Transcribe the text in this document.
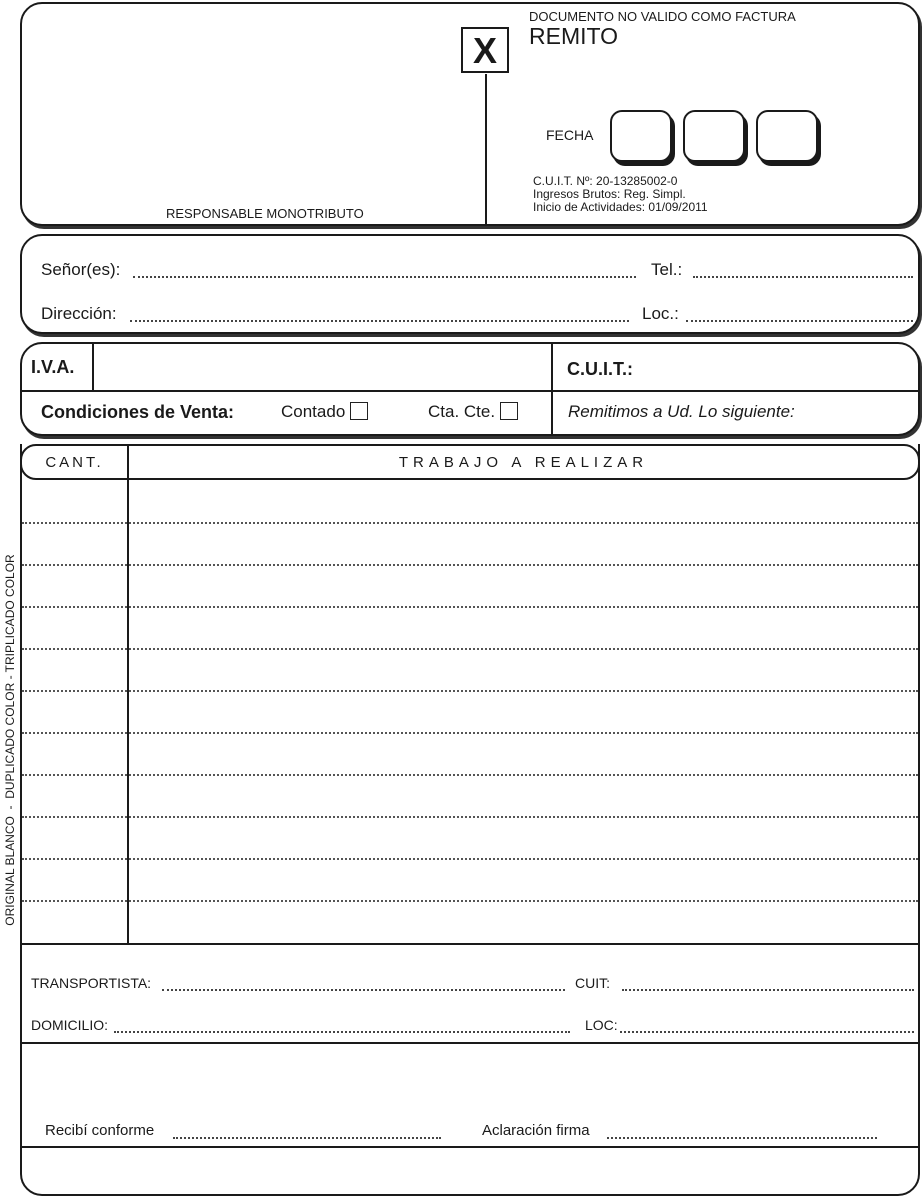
X
DOCUMENTO NO VALIDO COMO FACTURA
REMITO
FECHA
C.U.I.T. Nº: 20-13285002-0
Ingresos Brutos: Reg. Simpl.
Inicio de Actividades: 01/09/2011
RESPONSABLE MONOTRIBUTO
Señor(es):	Tel.:
Dirección:	Loc.:
I.V.A.	C.U.I.T.:
Condiciones de Venta:	Contado	Cta. Cte.	Remitimos a Ud. Lo siguiente:
CANT.	TRABAJO A REALIZAR
ORIGINAL BLANCO  -  DUPLICADO COLOR - TRIPLICADO COLOR
TRANSPORTISTA:	CUIT:
DOMICILIO:	LOC:
Recibí conforme	Aclaración firma
